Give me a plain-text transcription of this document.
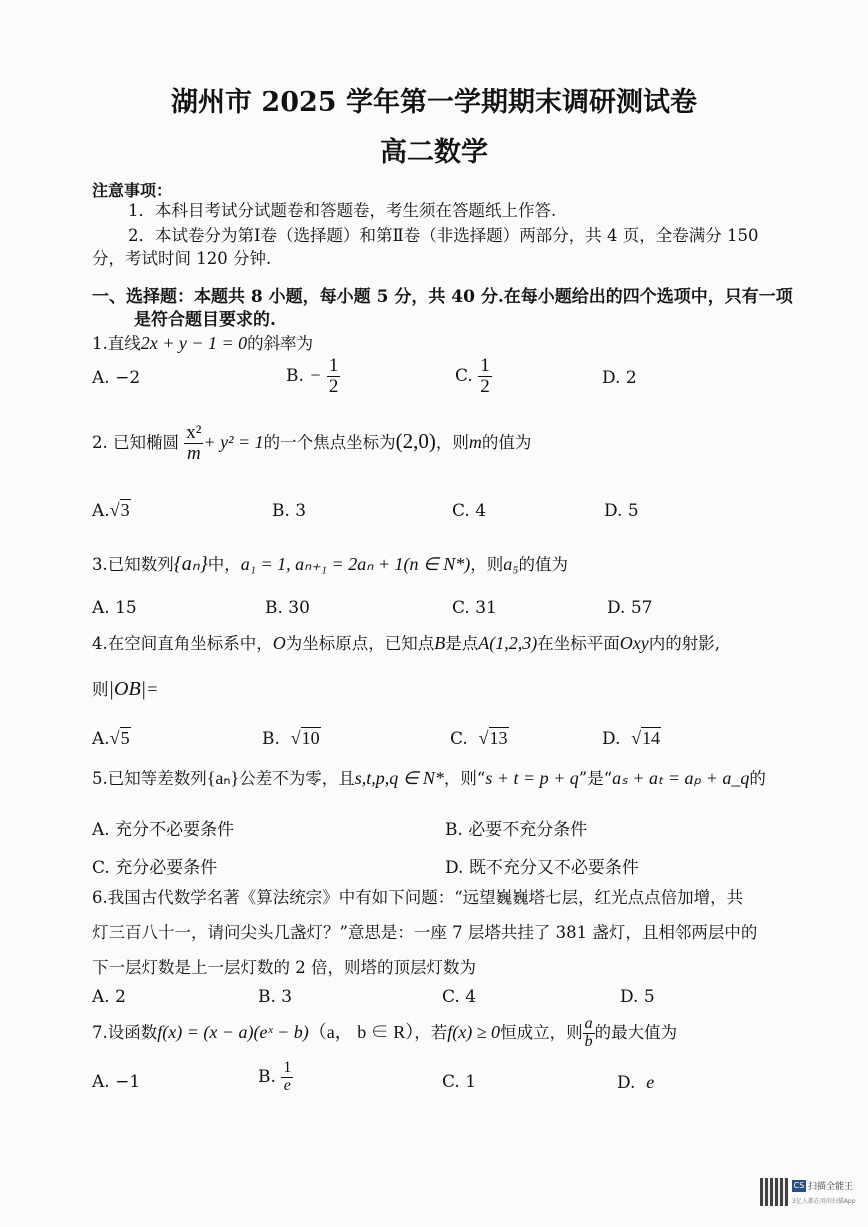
湖州市 2025 学年第一学期期末调研测试卷
高二数学
注意事项：
1．本科目考试分试题卷和答题卷，考生须在答题纸上作答.
2．本试卷分为第Ⅰ卷（选择题）和第Ⅱ卷（非选择题）两部分，共 4 页，全卷满分 150
分，考试时间 120 分钟.
一、选择题：本题共 8 小题，每小题 5 分，共 40 分.在每小题给出的四个选项中，只有一项
是符合题目要求的.
1.直线2x + y − 1 = 0的斜率为
A. −2	B. − $\frac{1}{2}$	C. $\frac{1}{2}$	D. 2
2. 已知椭圆 $\frac{\text{x²}}{m} + y^2 = 1$的一个焦点坐标为(2,0)，则m的值为
A.√3	B. 3	C. 4	D. 5
3.已知数列{aₙ}中，a₁ = 1, aₙ₊₁ = 2aₙ + 1(n ∈ N*)，则a₅的值为
A. 15	B. 30	C. 31	D. 57
4.在空间直角坐标系中，O为坐标原点，已知点B是点A(1,2,3)在坐标平面Oxy内的射影,
则|OB|=
A.√5	B. √10	C. √13	D. √14
5.已知等差数列{aₙ}公差不为零，且s,t,p,q ∈ N*，则“s + t = p + q”是“aₛ + aₜ = aₚ + a_q的
A. 充分不必要条件	B. 必要不充分条件
C. 充分必要条件	D. 既不充分又不必要条件
6.我国古代数学名著《算法统宗》中有如下问题：“远望巍巍塔七层，红光点点倍加增，共
灯三百八十一，请问尖头几盏灯？”意思是：一座 7 层塔共挂了 381 盏灯，且相邻两层中的
下一层灯数是上一层灯数的 2 倍，则塔的顶层灯数为
A. 2	B. 3	C. 4	D. 5
7.设函数f(x) = (x − a)(eˣ − b)（a， b ∈ R），若f(x) ≥ 0恒成立，则 $\frac{a}{b}$ 的最大值为
A. −1	B. $\frac{1}{e}$	C. 1	D. e
CS 扫描全能王
3亿人都在用的扫描App
